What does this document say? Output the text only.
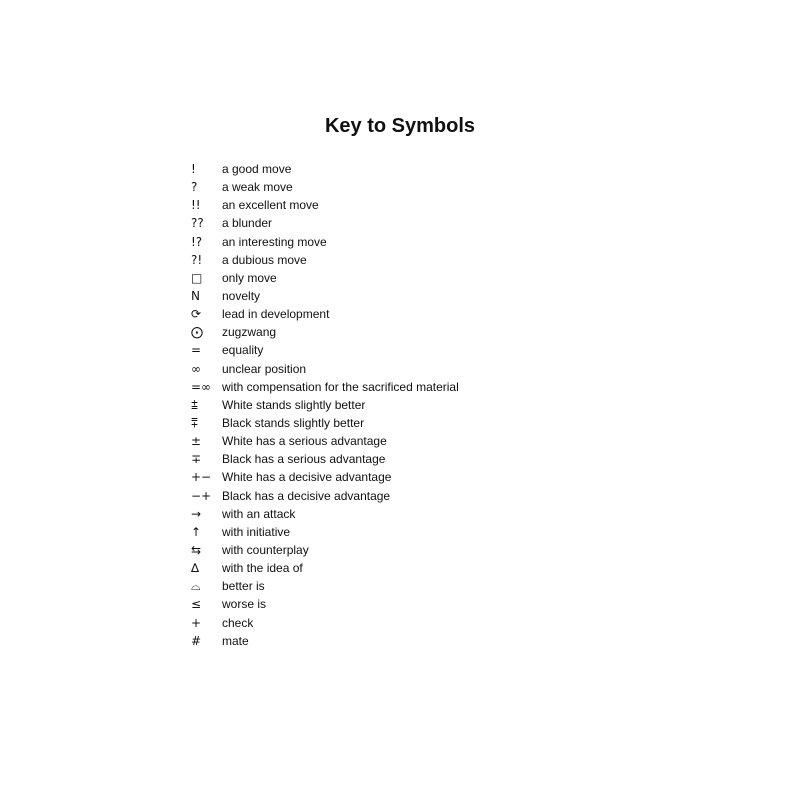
Key to Symbols
!	a good move
?	a weak move
!!	an excellent move
??	a blunder
!?	an interesting move
?!	a dubious move
□	only move
N	novelty
⟳	lead in development
⨀	zugzwang
=	equality
∞	unclear position
=∞ with compensation for the sacrificed material
⩲	White stands slightly better
⩱	Black stands slightly better
±	White has a serious advantage
∓	Black has a serious advantage
+− White has a decisive advantage
−+ Black has a decisive advantage
→	with an attack
↑	with initiative
⇆	with counterplay
∆	with the idea of
⌓	better is
≤	worse is
+	check
#	mate
